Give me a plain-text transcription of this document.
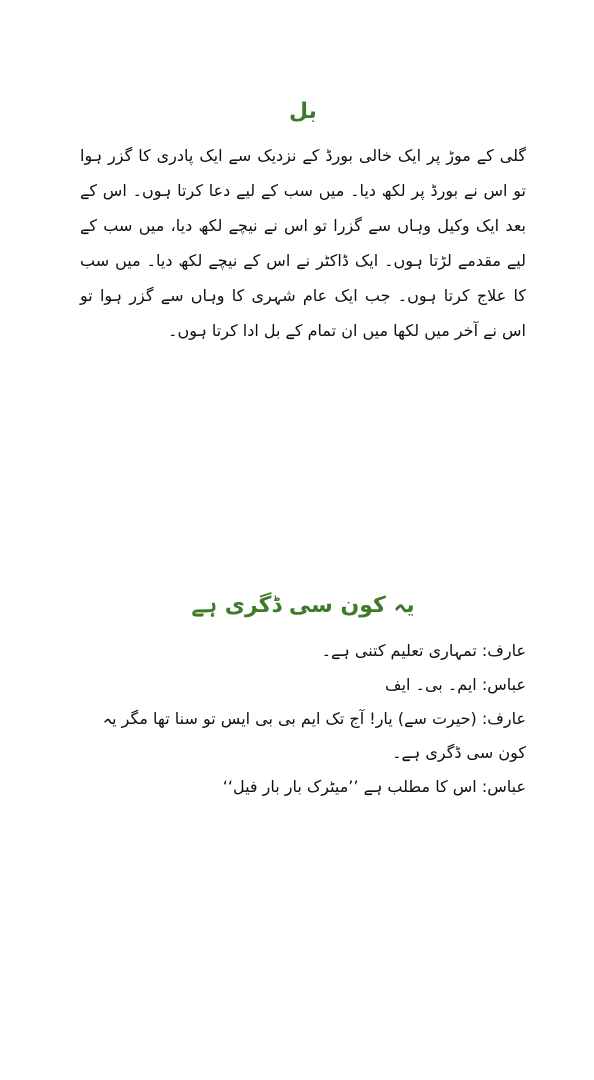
بل

گلی کے موڑ پر ایک خالی بورڈ کے نزدیک سے ایک پادری کا گزر ہوا تو اس نے بورڈ پر لکھ دیا۔ میں سب کے لیے دعا کرتا ہوں۔ اس کے بعد ایک وکیل وہاں سے گزرا تو اس نے نیچے لکھ دیا، میں سب کے لیے مقدمے لڑتا ہوں۔ ایک ڈاکٹر نے اس کے نیچے لکھ دیا۔ میں سب کا علاج کرتا ہوں۔ جب ایک عام شہری کا وہاں سے گزر ہوا تو اس نے آخر میں لکھا میں ان تمام کے بل ادا کرتا ہوں۔

یہ کون سی ڈگری ہے

عارف: تمہاری تعلیم کتنی ہے۔

عباس: ایم۔ بی۔ ایف

عارف: (حیرت سے) یار! آج تک ایم بی بی ایس تو سنا تھا مگر یہ کون سی ڈگری ہے۔

عباس: اس کا مطلب ہے ’’میٹرک بار بار فیل‘‘
